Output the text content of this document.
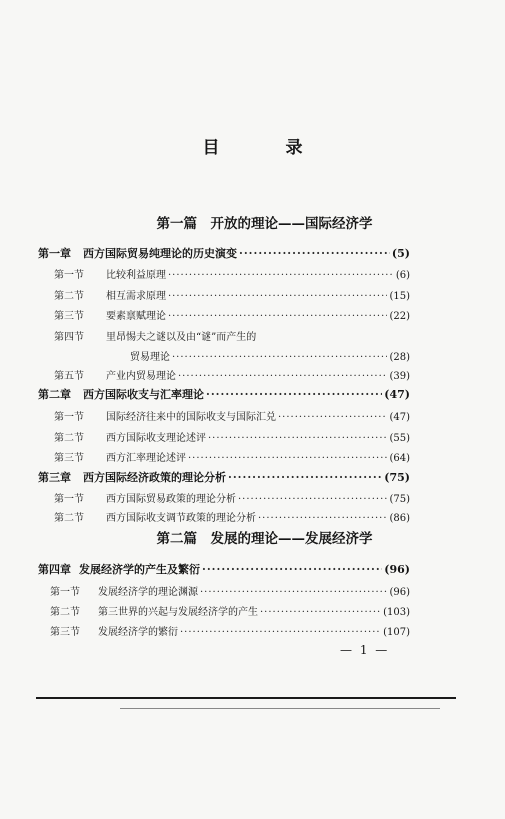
目 录
第一篇　开放的理论——国际经济学
第一章 西方国际贸易纯理论的历史演变 ·····	(5)
第一节 比较利益原理 ·····	(6)
第二节 相互需求原理 ·····	(15)
第三节 要素禀赋理论 ·····	(22)
第四节 里昂惕夫之谜以及由“谜”而产生的
贸易理论 ·····	(28)
第五节 产业内贸易理论 ·····	(39)
第二章 西方国际收支与汇率理论 ·····	(47)
第一节 国际经济往来中的国际收支与国际汇兑 ·····	(47)
第二节 西方国际收支理论述评 ·····	(55)
第三节 西方汇率理论述评 ·····	(64)
第三章 西方国际经济政策的理论分析 ·····	(75)
第一节 西方国际贸易政策的理论分析 ·····	(75)
第二节 西方国际收支调节政策的理论分析 ·····	(86)
第二篇　发展的理论——发展经济学
第四章 发展经济学的产生及繁衍 ·····	(96)
第一节 发展经济学的理论渊源 ·····	(96)
第二节 第三世界的兴起与发展经济学的产生 ·····	(103)
第三节 发展经济学的繁衍 ·····	(107)
— 1 —
